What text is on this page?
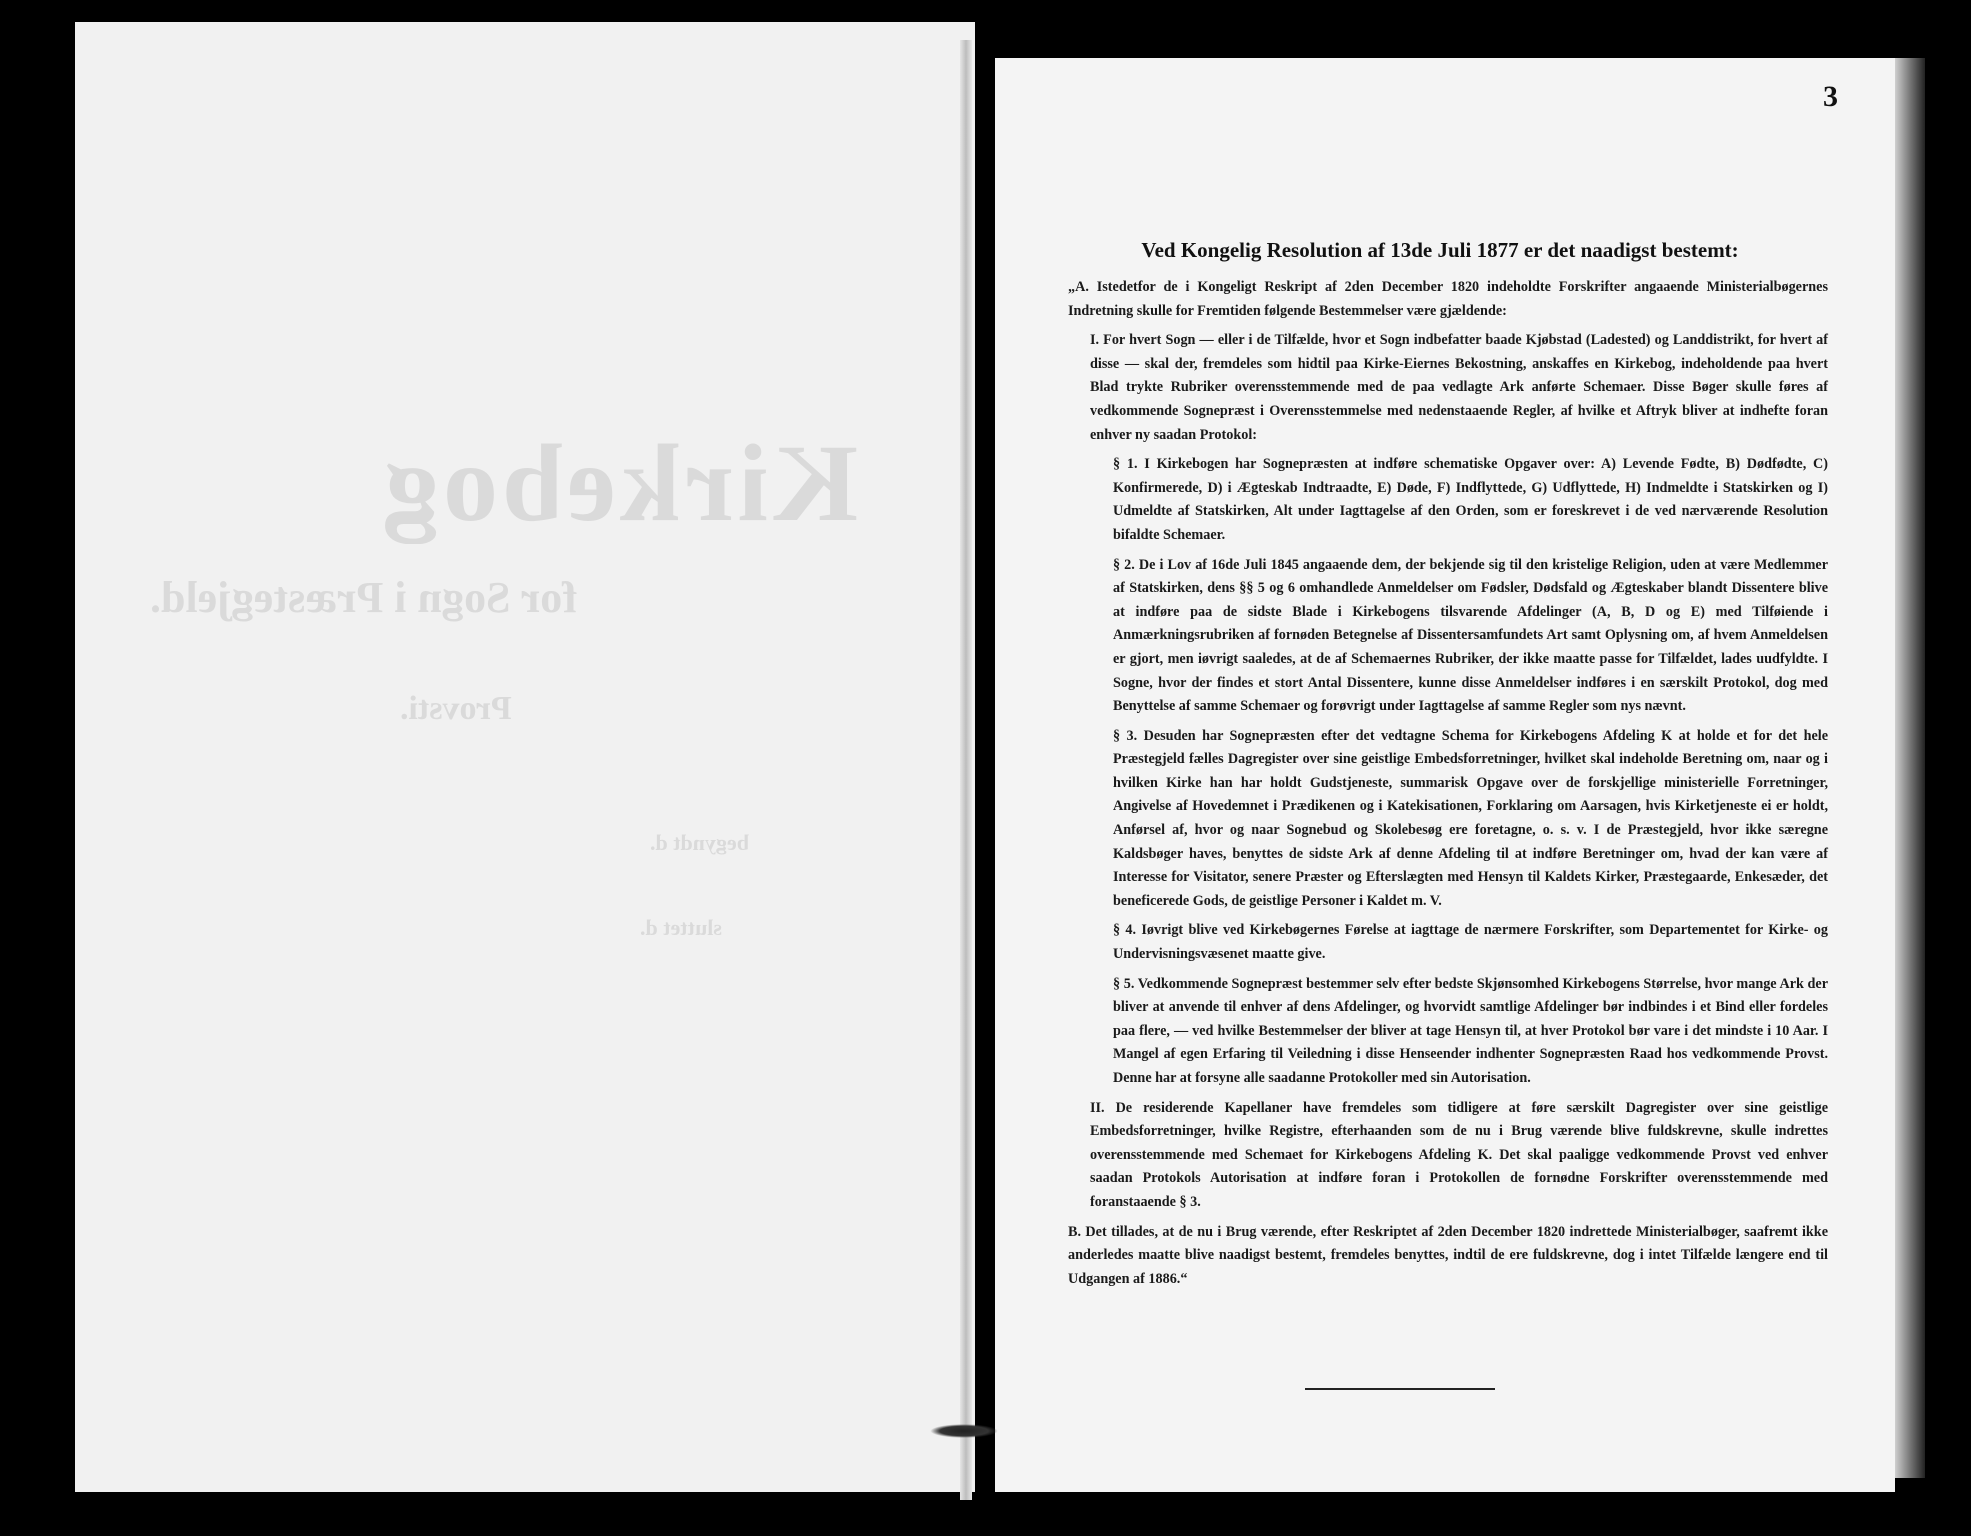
Kirkebog
for Sogn i Præstegjeld.
Provsti.
begyndt d.
sluttet d.
3
Ved Kongelig Resolution af 13de Juli 1877 er det naadigst bestemt:

„A. Istedetfor de i Kongeligt Reskript af 2den December 1820 indeholdte Forskrifter angaaende Ministerialbøgernes Indretning skulle for Fremtiden følgende Bestemmelser være gjældende:

I. For hvert Sogn — eller i de Tilfælde, hvor et Sogn indbefatter baade Kjøbstad (Ladested) og Landdistrikt, for hvert af disse — skal der, fremdeles som hidtil paa Kirke-Eiernes Bekostning, anskaffes en Kirkebog, indeholdende paa hvert Blad trykte Rubriker overensstemmende med de paa vedlagte Ark anførte Schemaer. Disse Bøger skulle føres af vedkommende Sognepræst i Overensstemmelse med nedenstaaende Regler, af hvilke et Aftryk bliver at indhefte foran enhver ny saadan Protokol:

§ 1. I Kirkebogen har Sognepræsten at indføre schematiske Opgaver over: A) Levende Fødte, B) Dødfødte, C) Konfirmerede, D) i Ægteskab Indtraadte, E) Døde, F) Indflyttede, G) Udflyttede, H) Indmeldte i Statskirken og I) Udmeldte af Statskirken, Alt under Iagttagelse af den Orden, som er foreskrevet i de ved nærværende Resolution bifaldte Schemaer.

§ 2. De i Lov af 16de Juli 1845 angaaende dem, der bekjende sig til den kristelige Religion, uden at være Medlemmer af Statskirken, dens §§ 5 og 6 omhandlede Anmeldelser om Fødsler, Dødsfald og Ægteskaber blandt Dissentere blive at indføre paa de sidste Blade i Kirkebogens tilsvarende Afdelinger (A, B, D og E) med Tilføiende i Anmærkningsrubriken af fornøden Betegnelse af Dissentersamfundets Art samt Oplysning om, af hvem Anmeldelsen er gjort, men iøvrigt saaledes, at de af Schemaernes Rubriker, der ikke maatte passe for Tilfældet, lades uudfyldte. I Sogne, hvor der findes et stort Antal Dissentere, kunne disse Anmeldelser indføres i en særskilt Protokol, dog med Benyttelse af samme Schemaer og forøvrigt under Iagttagelse af samme Regler som nys nævnt.

§ 3. Desuden har Sognepræsten efter det vedtagne Schema for Kirkebogens Afdeling K at holde et for det hele Præstegjeld fælles Dagregister over sine geistlige Embedsforretninger, hvilket skal indeholde Beretning om, naar og i hvilken Kirke han har holdt Gudstjeneste, summarisk Opgave over de forskjellige ministerielle Forretninger, Angivelse af Hovedemnet i Prædikenen og i Katekisationen, Forklaring om Aarsagen, hvis Kirketjeneste ei er holdt, Anførsel af, hvor og naar Sognebud og Skolebesøg ere foretagne, o. s. v. I de Præstegjeld, hvor ikke særegne Kaldsbøger haves, benyttes de sidste Ark af denne Afdeling til at indføre Beretninger om, hvad der kan være af Interesse for Visitator, senere Præster og Efterslægten med Hensyn til Kaldets Kirker, Præstegaarde, Enkesæder, det beneficerede Gods, de geistlige Personer i Kaldet m. V.

§ 4. Iøvrigt blive ved Kirkebøgernes Førelse at iagttage de nærmere Forskrifter, som Departementet for Kirke- og Undervisningsvæsenet maatte give.

§ 5. Vedkommende Sognepræst bestemmer selv efter bedste Skjønsomhed Kirkebogens Størrelse, hvor mange Ark der bliver at anvende til enhver af dens Afdelinger, og hvorvidt samtlige Afdelinger bør indbindes i et Bind eller fordeles paa flere, — ved hvilke Bestemmelser der bliver at tage Hensyn til, at hver Protokol bør vare i det mindste i 10 Aar. I Mangel af egen Erfaring til Veiledning i disse Henseender indhenter Sognepræsten Raad hos vedkommende Provst. Denne har at forsyne alle saadanne Protokoller med sin Autorisation.

II. De residerende Kapellaner have fremdeles som tidligere at føre særskilt Dagregister over sine geistlige Embedsforretninger, hvilke Registre, efterhaanden som de nu i Brug værende blive fuldskrevne, skulle indrettes overensstemmende med Schemaet for Kirkebogens Afdeling K. Det skal paaligge vedkommende Provst ved enhver saadan Protokols Autorisation at indføre foran i Protokollen de fornødne Forskrifter overensstemmende med foranstaaende § 3.

B. Det tillades, at de nu i Brug værende, efter Reskriptet af 2den December 1820 indrettede Ministerialbøger, saafremt ikke anderledes maatte blive naadigst bestemt, fremdeles benyttes, indtil de ere fuldskrevne, dog i intet Tilfælde længere end til Udgangen af 1886.“
